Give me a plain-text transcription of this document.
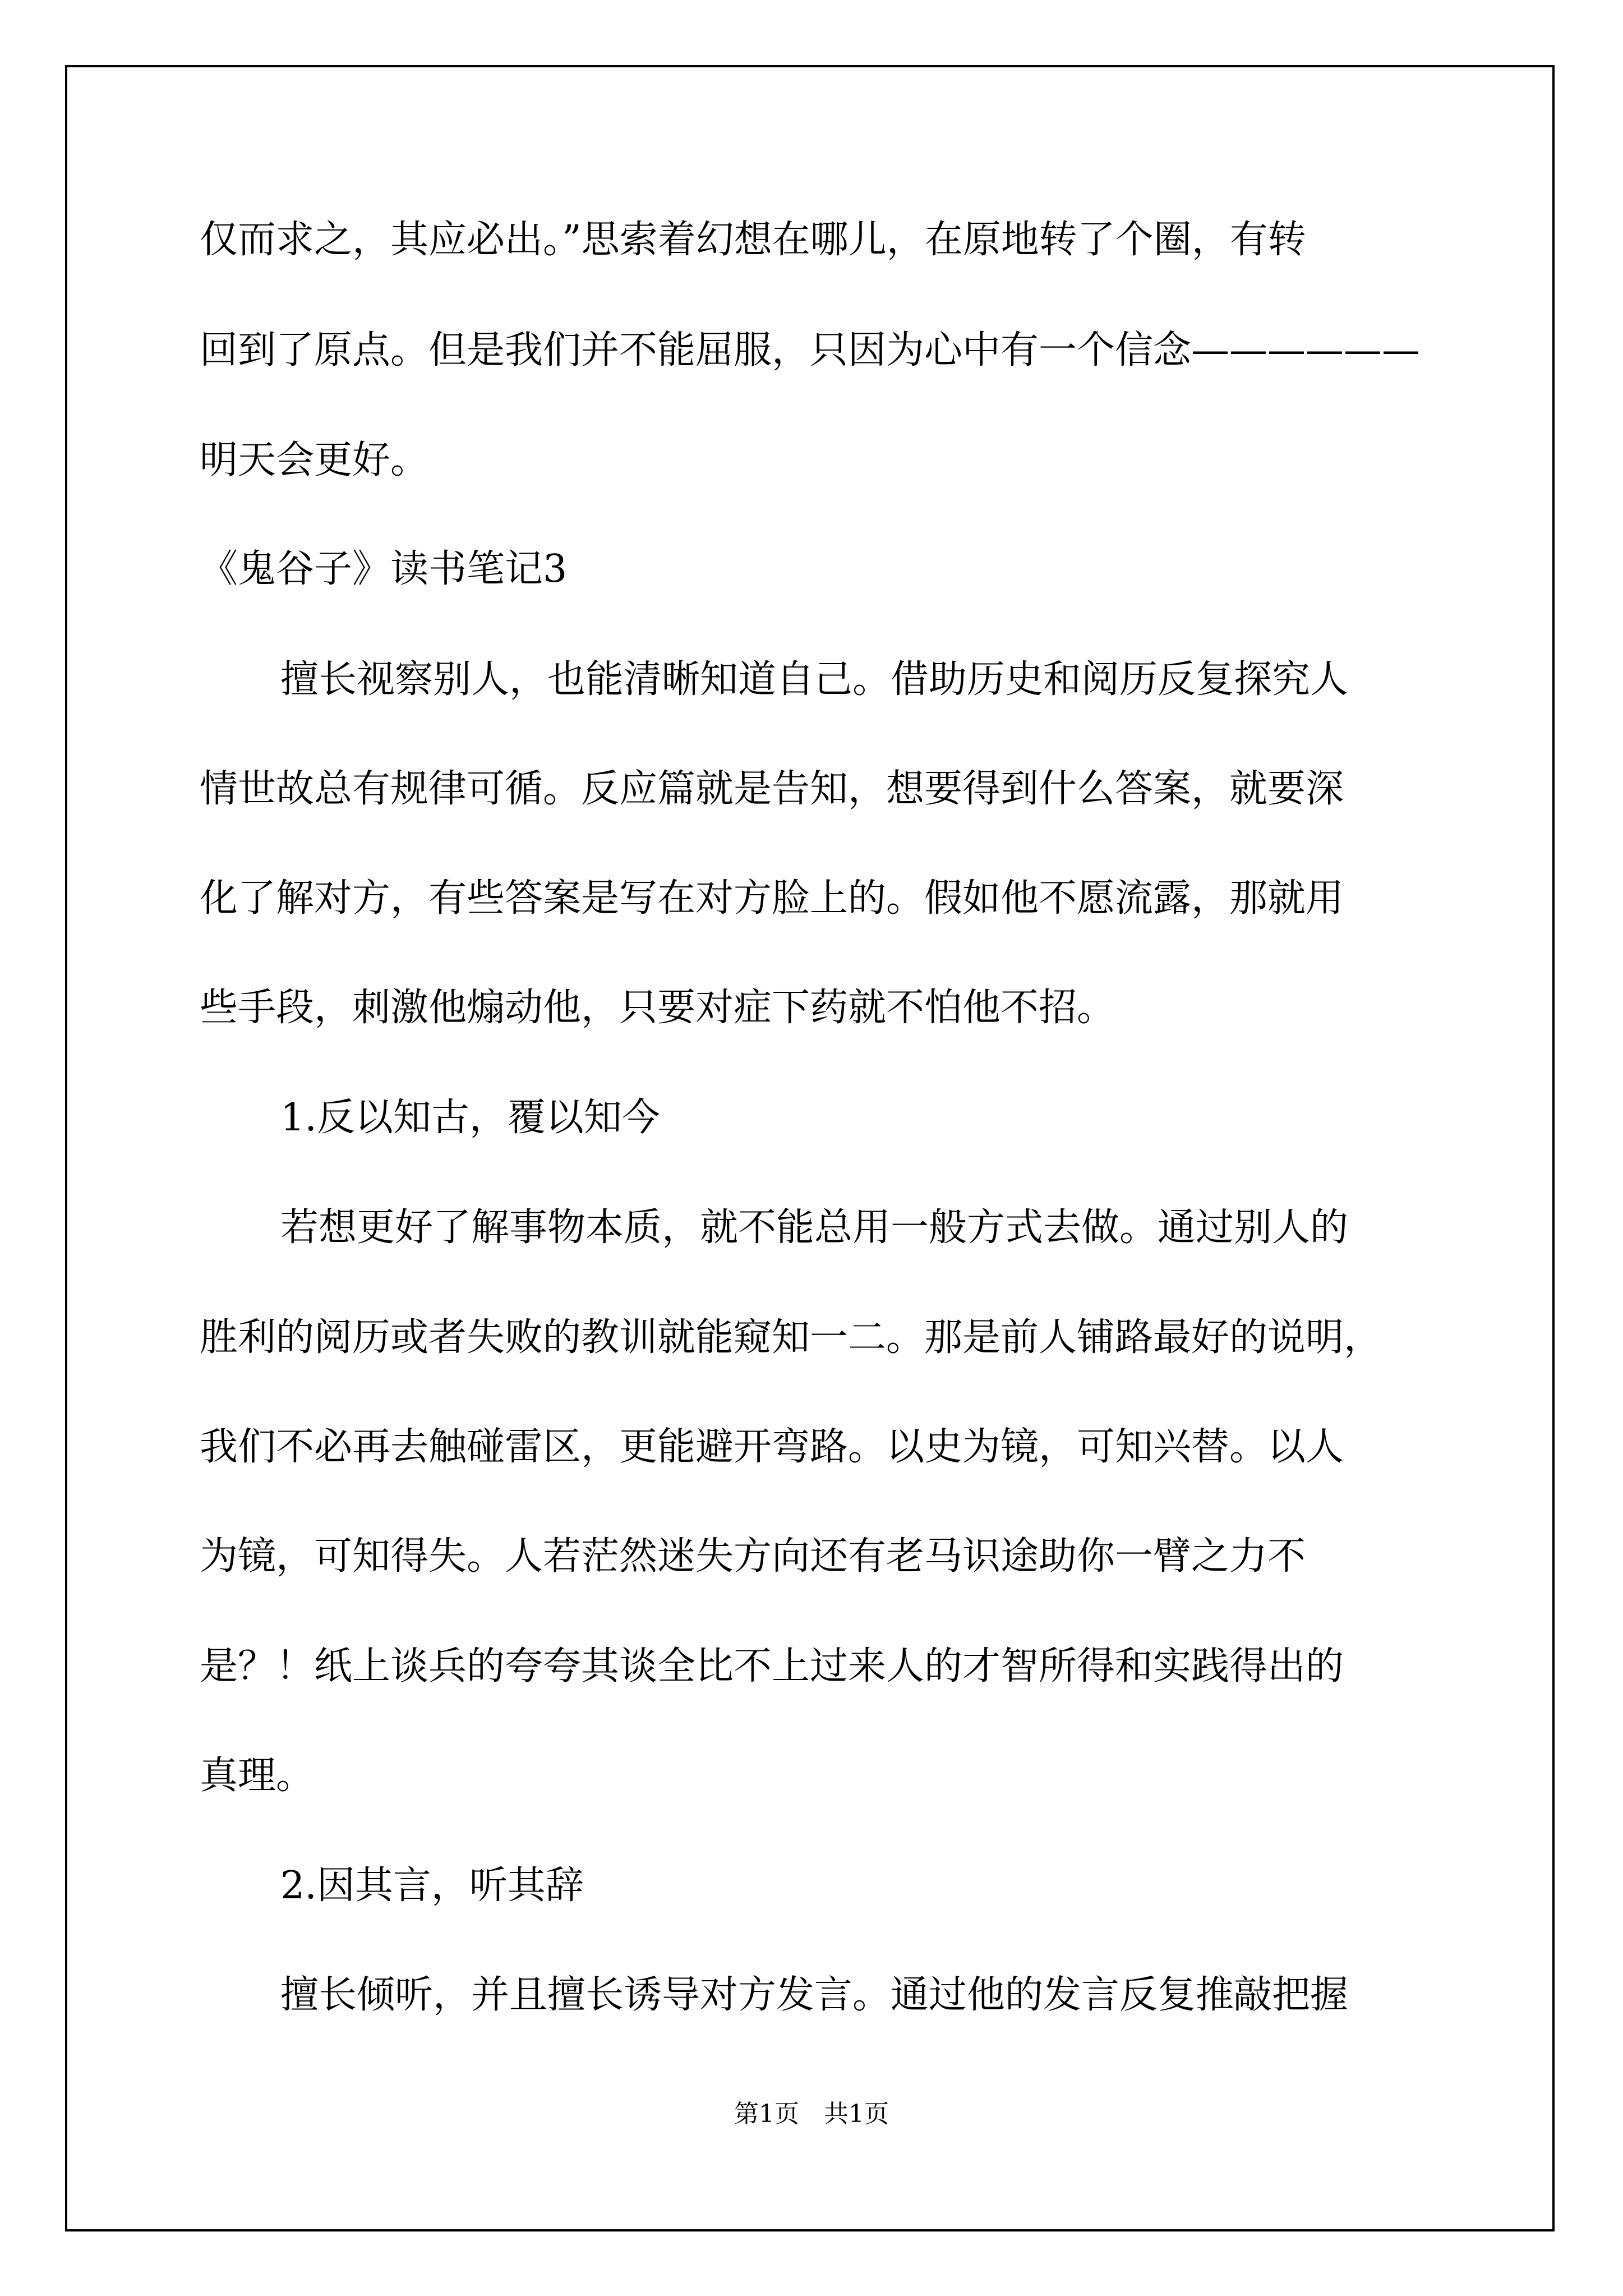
仅而求之，其应必出。”思索着幻想在哪儿，在原地转了个圈，有转
回到了原点。但是我们并不能屈服，只因为心中有一个信念——————
明天会更好。
《鬼谷子》读书笔记3
擅长视察别人，也能清晰知道自己。借助历史和阅历反复探究人
情世故总有规律可循。反应篇就是告知，想要得到什么答案，就要深
化了解对方，有些答案是写在对方脸上的。假如他不愿流露，那就用
些手段，刺激他煽动他，只要对症下药就不怕他不招。
1.反以知古，覆以知今
若想更好了解事物本质，就不能总用一般方式去做。通过别人的
胜利的阅历或者失败的教训就能窥知一二。那是前人铺路最好的说明，
我们不必再去触碰雷区，更能避开弯路。以史为镜，可知兴替。以人
为镜，可知得失。人若茫然迷失方向还有老马识途助你一臂之力不
是？！纸上谈兵的夸夸其谈全比不上过来人的才智所得和实践得出的
真理。
2.因其言，听其辞
擅长倾听，并且擅长诱导对方发言。通过他的发言反复推敲把握
第1页　共1页
